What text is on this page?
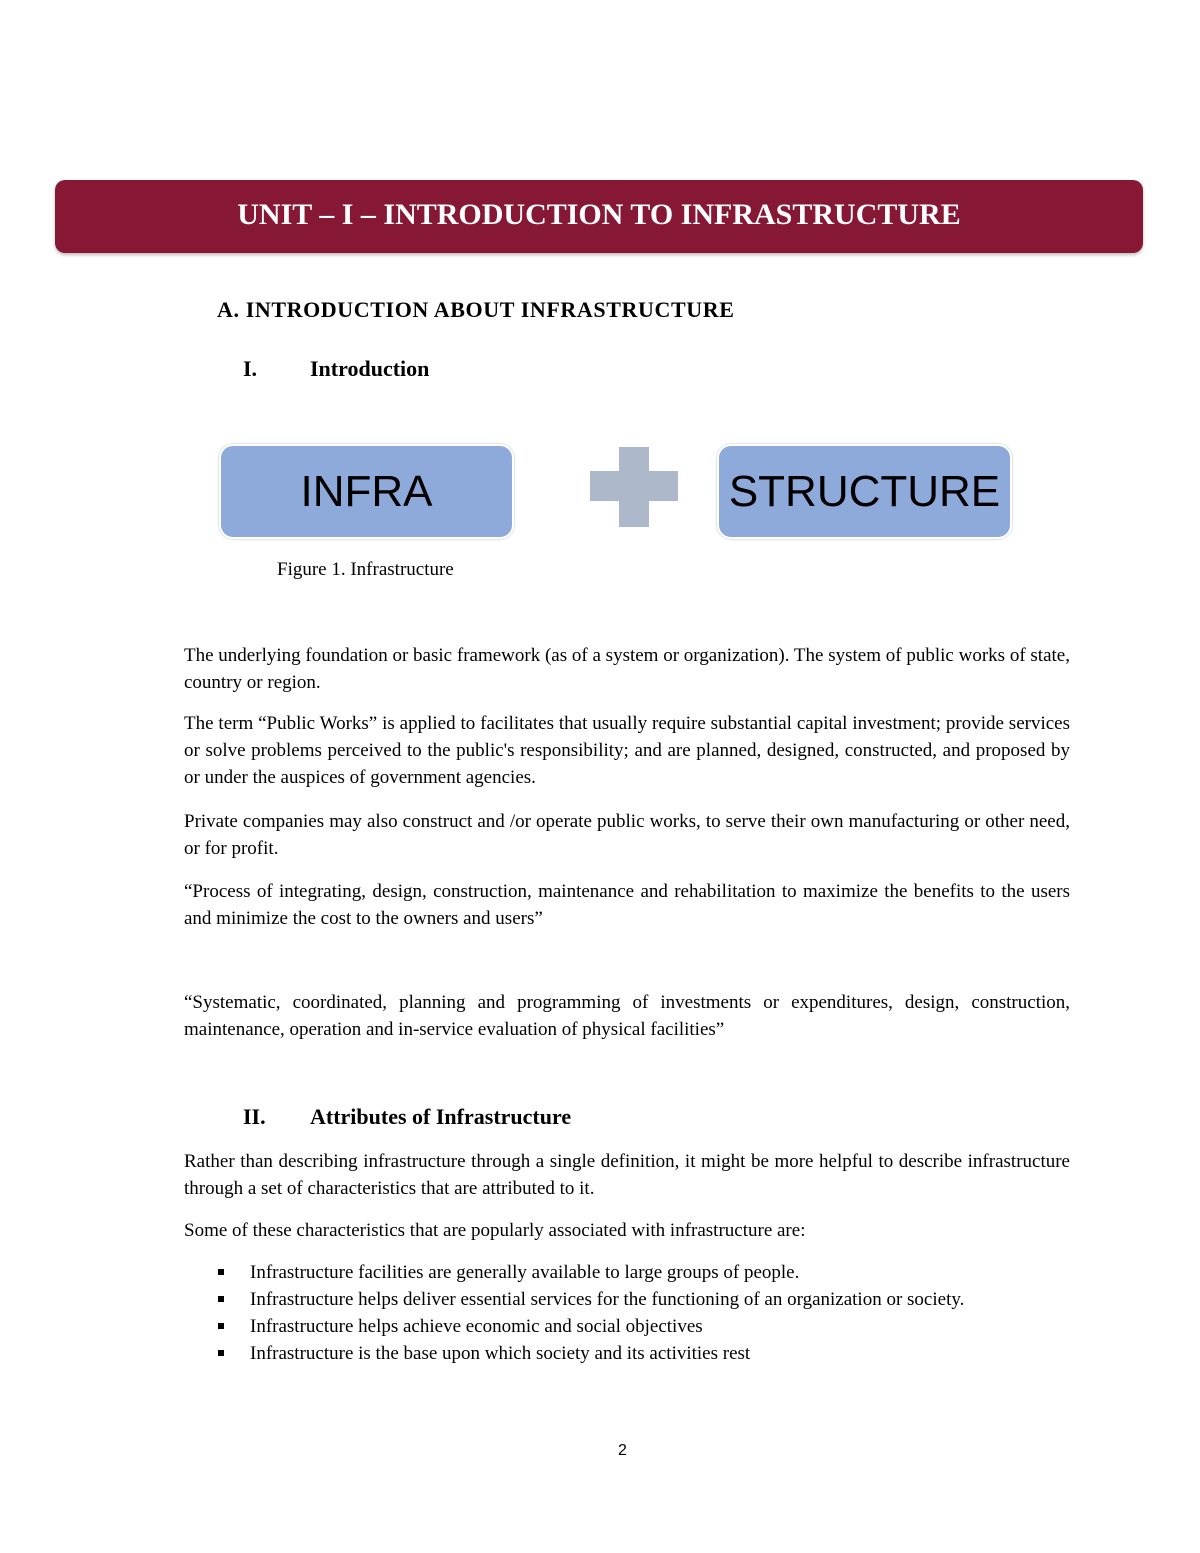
UNIT – I – INTRODUCTION TO INFRASTRUCTURE
A. INTRODUCTION ABOUT INFRASTRUCTURE
I. Introduction
INFRA	STRUCTURE
Figure 1. Infrastructure

The underlying foundation or basic framework (as of a system or organization). The system of public works of state, country or region.

The term “Public Works” is applied to facilitates that usually require substantial capital investment; provide services or solve problems perceived to the public's responsibility; and are planned, designed, constructed, and proposed by or under the auspices of government agencies.

Private companies may also construct and /or operate public works, to serve their own manufacturing or other need, or for profit.

“Process of integrating, design, construction, maintenance and rehabilitation to maximize the benefits to the users and minimize the cost to the owners and users”

“Systematic, coordinated, planning and programming of investments or expenditures, design, construction, maintenance, operation and in-service evaluation of physical facilities”

II. Attributes of Infrastructure

Rather than describing infrastructure through a single definition, it might be more helpful to describe infrastructure through a set of characteristics that are attributed to it.

Some of these characteristics that are popularly associated with infrastructure are:

Infrastructure facilities are generally available to large groups of people.
Infrastructure helps deliver essential services for the functioning of an organization or society.
Infrastructure helps achieve economic and social objectives
Infrastructure is the base upon which society and its activities rest
2
